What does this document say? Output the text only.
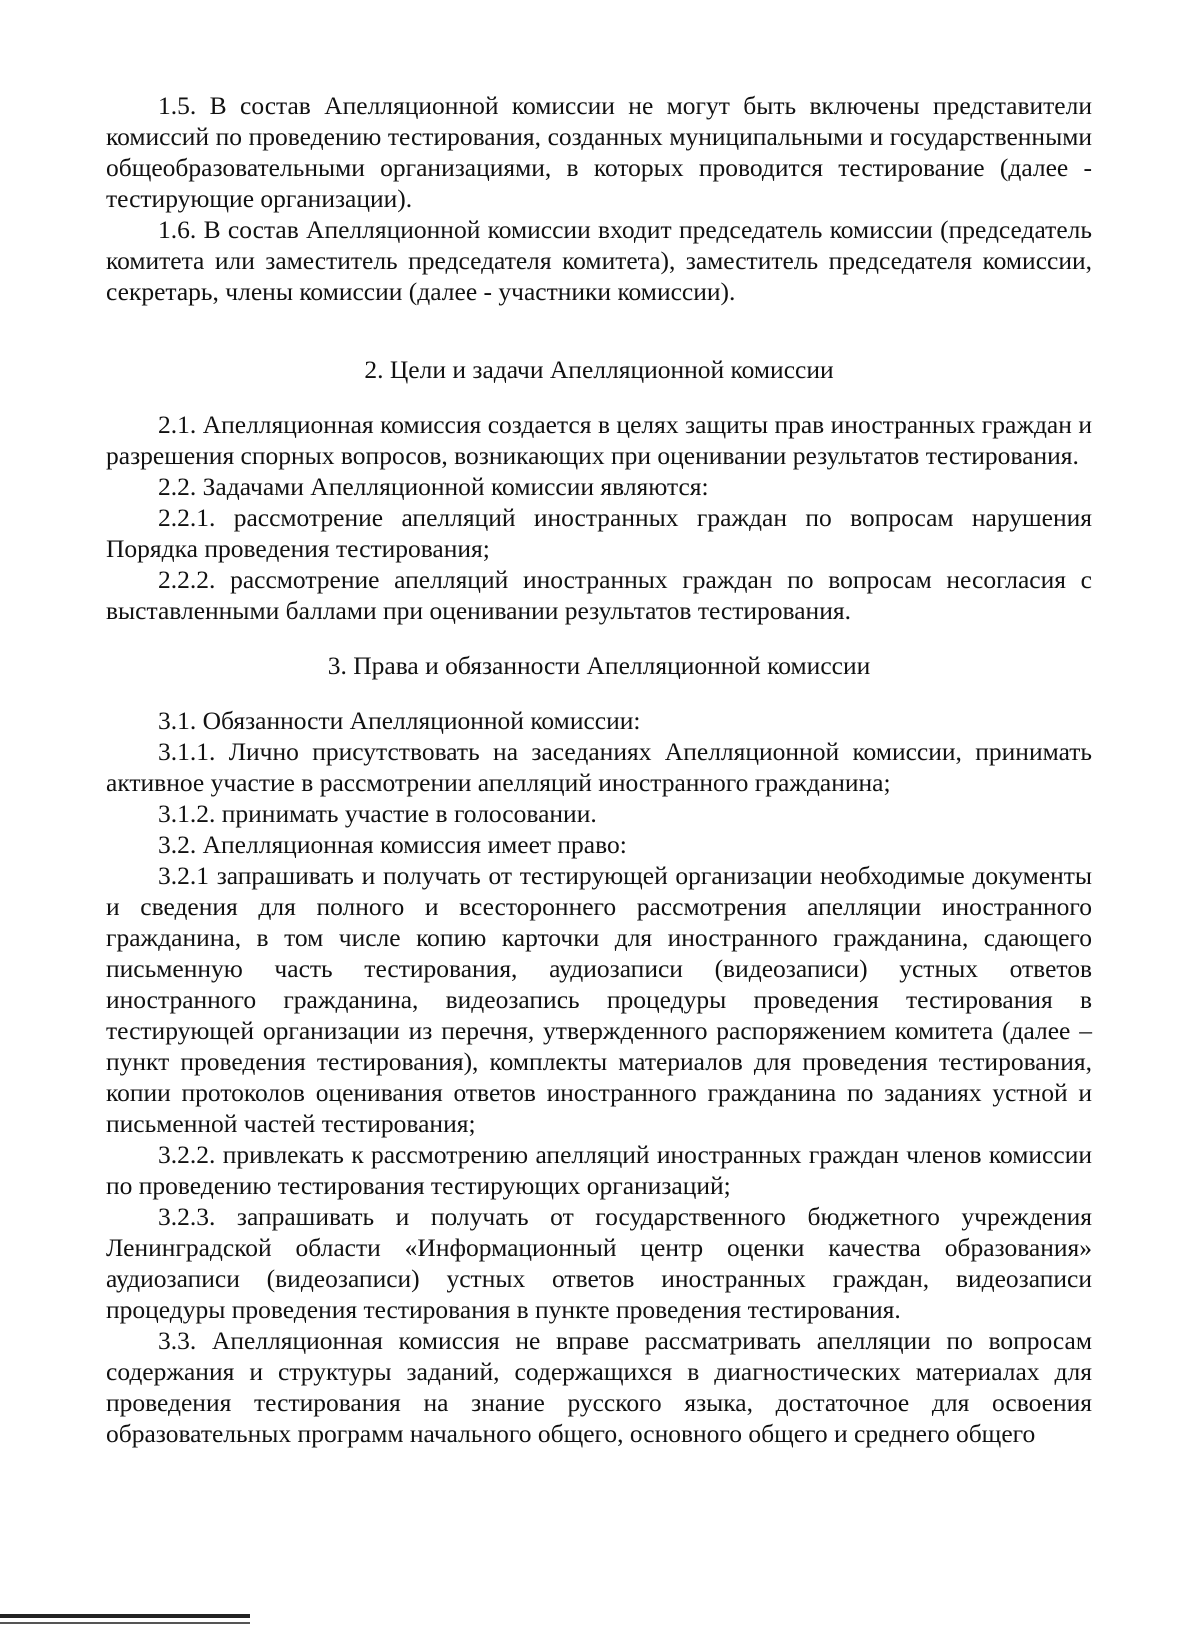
1.5. В состав Апелляционной комиссии не могут быть включены представители комиссий по проведению тестирования, созданных муниципальными и государственными общеобразовательными организациями, в которых проводится тестирование (далее - тестирующие организации).

1.6. В состав Апелляционной комиссии входит председатель комиссии (председатель комитета или заместитель председателя комитета), заместитель председателя комиссии, секретарь, члены комиссии (далее - участники комиссии).

2. Цели и задачи Апелляционной комиссии

2.1. Апелляционная комиссия создается в целях защиты прав иностранных граждан и разрешения спорных вопросов, возникающих при оценивании результатов тестирования.

2.2. Задачами Апелляционной комиссии являются:

2.2.1. рассмотрение апелляций иностранных граждан по вопросам нарушения Порядка проведения тестирования;

2.2.2. рассмотрение апелляций иностранных граждан по вопросам несогласия с выставленными баллами при оценивании результатов тестирования.

3. Права и обязанности Апелляционной комиссии

3.1. Обязанности Апелляционной комиссии:

3.1.1. Лично присутствовать на заседаниях Апелляционной комиссии, принимать активное участие в рассмотрении апелляций иностранного гражданина;

3.1.2. принимать участие в голосовании.

3.2. Апелляционная комиссия имеет право:

3.2.1 запрашивать и получать от тестирующей организации необходимые документы и сведения для полного и всестороннего рассмотрения апелляции иностранного гражданина, в том числе копию карточки для иностранного гражданина, сдающего письменную часть тестирования, аудиозаписи (видеозаписи) устных ответов иностранного гражданина, видеозапись процедуры проведения тестирования в тестирующей организации из перечня, утвержденного распоряжением комитета (далее – пункт проведения тестирования), комплекты материалов для проведения тестирования, копии протоколов оценивания ответов иностранного гражданина по заданиях устной и письменной частей тестирования;

3.2.2. привлекать к рассмотрению апелляций иностранных граждан членов комиссии по проведению тестирования тестирующих организаций;

3.2.3. запрашивать и получать от государственного бюджетного учреждения Ленинградской области «Информационный центр оценки качества образования» аудиозаписи (видеозаписи) устных ответов иностранных граждан, видеозаписи процедуры проведения тестирования в пункте проведения тестирования.

3.3. Апелляционная комиссия не вправе рассматривать апелляции по вопросам содержания и структуры заданий, содержащихся в диагностических материалах для проведения тестирования на знание русского языка, достаточное для освоения образовательных программ начального общего, основного общего и среднего общего
